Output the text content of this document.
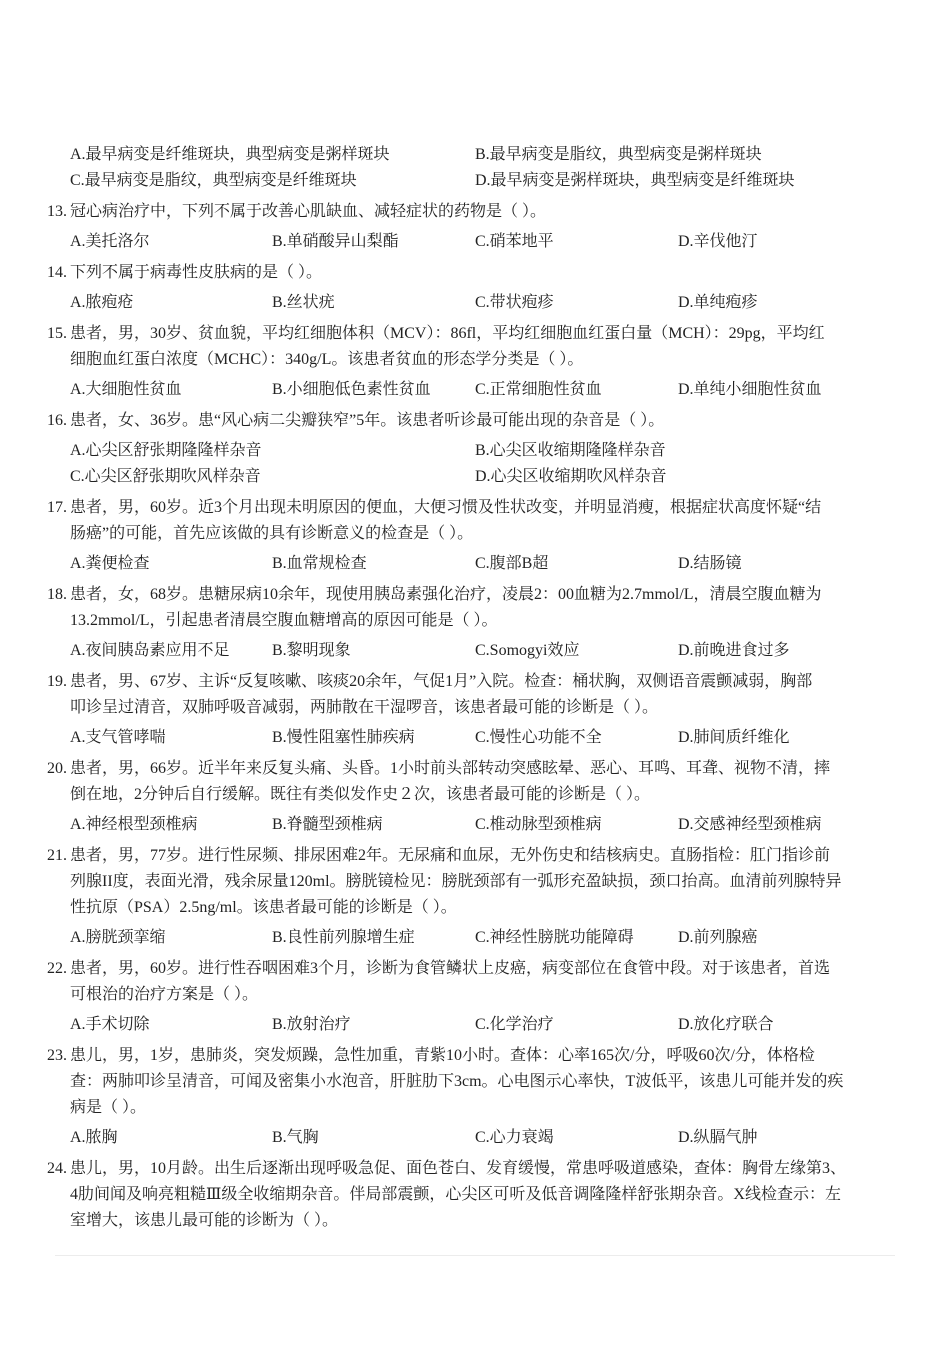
A.最早病变是纤维斑块，典型病变是粥样斑块	B.最早病变是脂纹，典型病变是粥样斑块
C.最早病变是脂纹，典型病变是纤维斑块	D.最早病变是粥样斑块，典型病变是纤维斑块
13. 冠心病治疗中，下列不属于改善心肌缺血、减轻症状的药物是（ ）。
A.美托洛尔	B.单硝酸异山梨酯	C.硝苯地平	D.辛伐他汀
14. 下列不属于病毒性皮肤病的是（ ）。
A.脓疱疮	B.丝状疣	C.带状疱疹	D.单纯疱疹
15. 患者，男，30岁、贫血貌，平均红细胞体积（MCV）：86fl，平均红细胞血红蛋白量（MCH）：29pg，平均红
细胞血红蛋白浓度（MCHC）：340g/L。该患者贫血的形态学分类是（ ）。
A.大细胞性贫血	B.小细胞低色素性贫血	C.正常细胞性贫血	D.单纯小细胞性贫血
16. 患者，女、36岁。患“风心病二尖瓣狭窄”5年。该患者听诊最可能出现的杂音是（ ）。
A.心尖区舒张期隆隆样杂音	B.心尖区收缩期隆隆样杂音
C.心尖区舒张期吹风样杂音	D.心尖区收缩期吹风样杂音
17. 患者，男，60岁。近3个月出现未明原因的便血，大便习惯及性状改变，并明显消瘦，根据症状高度怀疑“结
肠癌”的可能，首先应该做的具有诊断意义的检查是（ ）。
A.粪便检查	B.血常规检查	C.腹部B超	D.结肠镜
18. 患者，女，68岁。患糖尿病10余年，现使用胰岛素强化治疗，凌晨2：00血糖为2.7mmol/L，清晨空腹血糖为
13.2mmol/L，引起患者清晨空腹血糖增高的原因可能是（ ）。
A.夜间胰岛素应用不足	B.黎明现象	C.Somogyi效应	D.前晚进食过多
19. 患者，男、67岁、主诉“反复咳嗽、咳痰20余年，气促1月”入院。检查：桶状胸，双侧语音震颤减弱，胸部
叩诊呈过清音，双肺呼吸音减弱，两肺散在干湿啰音，该患者最可能的诊断是（ ）。
A.支气管哮喘	B.慢性阻塞性肺疾病	C.慢性心功能不全	D.肺间质纤维化
20. 患者，男，66岁。近半年来反复头痛、头昏。1小时前头部转动突感眩晕、恶心、耳鸣、耳聋、视物不清，摔
倒在地，2分钟后自行缓解。既往有类似发作史２次，该患者最可能的诊断是（ ）。
A.神经根型颈椎病	B.脊髓型颈椎病	C.椎动脉型颈椎病	D.交感神经型颈椎病
21. 患者，男，77岁。进行性尿频、排尿困难2年。无尿痛和血尿，无外伤史和结核病史。直肠指检：肛门指诊前
列腺II度，表面光滑，残余尿量120ml。膀胱镜检见：膀胱颈部有一弧形充盈缺损，颈口抬高。血清前列腺特异
性抗原（PSA）2.5ng/ml。该患者最可能的诊断是（ ）。
A.膀胱颈挛缩	B.良性前列腺增生症	C.神经性膀胱功能障碍	D.前列腺癌
22. 患者，男，60岁。进行性吞咽困难3个月，诊断为食管鳞状上皮癌，病变部位在食管中段。对于该患者，首选
可根治的治疗方案是（ ）。
A.手术切除	B.放射治疗	C.化学治疗	D.放化疗联合
23. 患儿，男，1岁，患肺炎，突发烦躁，急性加重，青紫10小时。查体：心率165次/分，呼吸60次/分，体格检
查：两肺叩诊呈清音，可闻及密集小水泡音，肝脏肋下3cm。心电图示心率快，T波低平，该患儿可能并发的疾
病是（ ）。
A.脓胸	B.气胸	C.心力衰竭	D.纵膈气肿
24. 患儿，男，10月龄。出生后逐渐出现呼吸急促、面色苍白、发育缓慢，常患呼吸道感染，查体：胸骨左缘第3、
4肋间闻及响亮粗糙Ⅲ级全收缩期杂音。伴局部震颤，心尖区可听及低音调隆隆样舒张期杂音。X线检查示：左
室增大，该患儿最可能的诊断为（ ）。
